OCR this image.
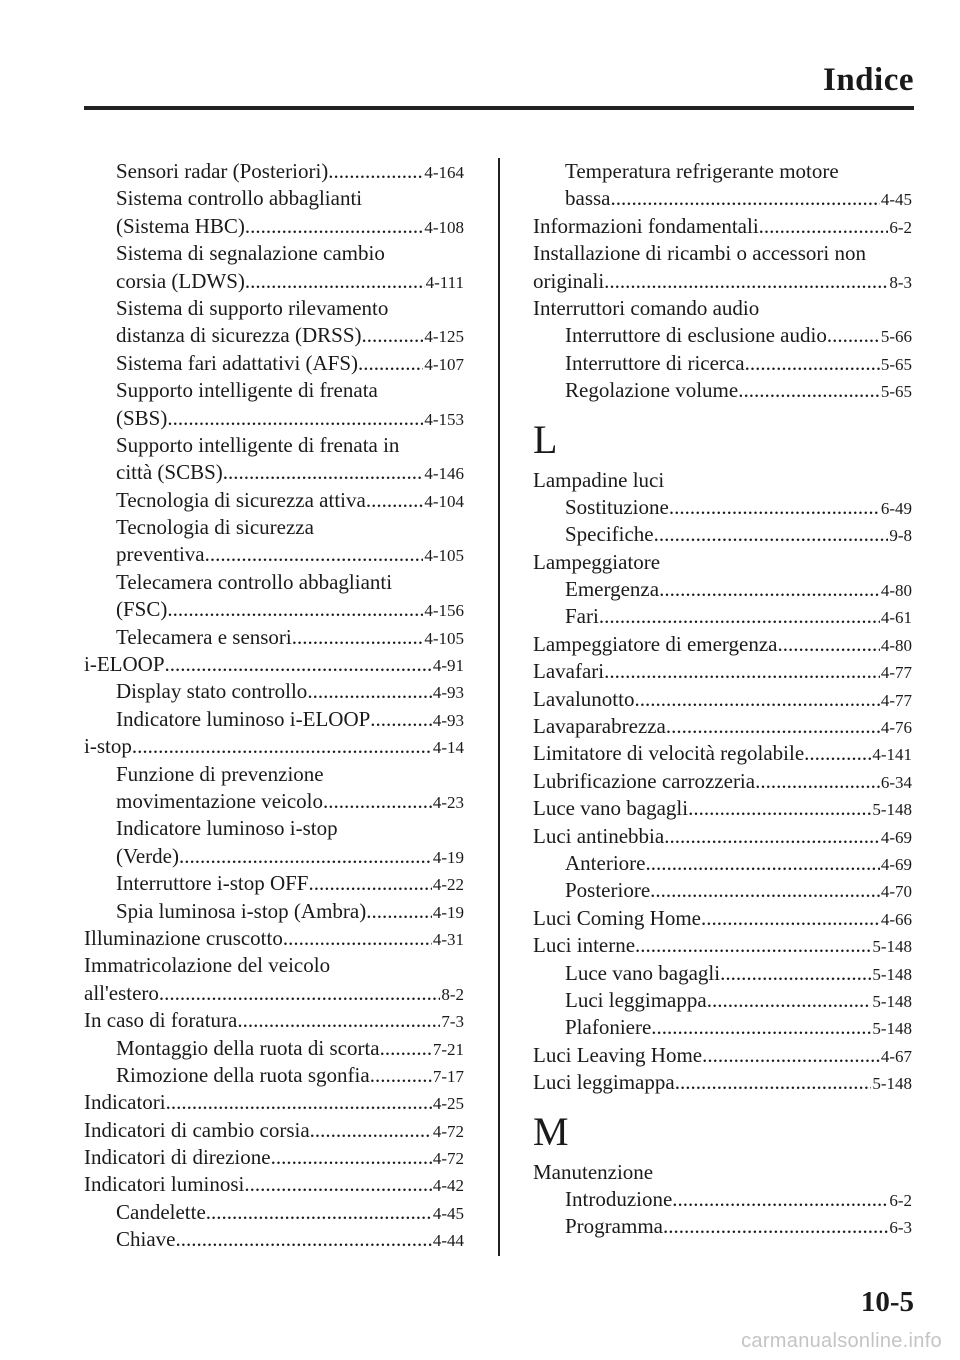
Indice
Sensori radar (Posteriori) .....	4-164
Sistema controllo abbaglianti
(Sistema HBC) .....	4-108
Sistema di segnalazione cambio
corsia (LDWS) .....	4-111
Sistema di supporto rilevamento
distanza di sicurezza (DRSS) .....	4-125
Sistema fari adattativi (AFS) .....	4-107
Supporto intelligente di frenata
(SBS) .....	4-153
Supporto intelligente di frenata in
città (SCBS) .....	4-146
Tecnologia di sicurezza attiva .....	4-104
Tecnologia di sicurezza
preventiva .....	4-105
Telecamera controllo abbaglianti
(FSC) .....	4-156
Telecamera e sensori .....	4-105
i-ELOOP .....	4-91
Display stato controllo .....	4-93
Indicatore luminoso i-ELOOP .....	4-93
i-stop .....	4-14
Funzione di prevenzione
movimentazione veicolo .....	4-23
Indicatore luminoso i-stop
(Verde) .....	4-19
Interruttore i-stop OFF .....	4-22
Spia luminosa i-stop (Ambra) .....	4-19
Illuminazione cruscotto .....	4-31
Immatricolazione del veicolo
all'estero .....	8-2
In caso di foratura .....	7-3
Montaggio della ruota di scorta .....	7-21
Rimozione della ruota sgonfia .....	7-17
Indicatori .....	4-25
Indicatori di cambio corsia .....	4-72
Indicatori di direzione .....	4-72
Indicatori luminosi .....	4-42
Candelette .....	4-45
Chiave .....	4-44
Temperatura refrigerante motore
bassa .....	4-45
Informazioni fondamentali .....	6-2
Installazione di ricambi o accessori non
originali .....	8-3
Interruttori comando audio
Interruttore di esclusione audio .....	5-66
Interruttore di ricerca .....	5-65
Regolazione volume .....	5-65
L
Lampadine luci
Sostituzione .....	6-49
Specifiche .....	9-8
Lampeggiatore
Emergenza .....	4-80
Fari .....	4-61
Lampeggiatore di emergenza .....	4-80
Lavafari .....	4-77
Lavalunotto .....	4-77
Lavaparabrezza .....	4-76
Limitatore di velocità regolabile .....	4-141
Lubrificazione carrozzeria .....	6-34
Luce vano bagagli .....	5-148
Luci antinebbia .....	4-69
Anteriore .....	4-69
Posteriore .....	4-70
Luci Coming Home .....	4-66
Luci interne .....	5-148
Luce vano bagagli .....	5-148
Luci leggimappa .....	5-148
Plafoniere .....	5-148
Luci Leaving Home .....	4-67
Luci leggimappa .....	5-148
M
Manutenzione
Introduzione .....	6-2
Programma .....	6-3
10-5
carmanualsonline.info
